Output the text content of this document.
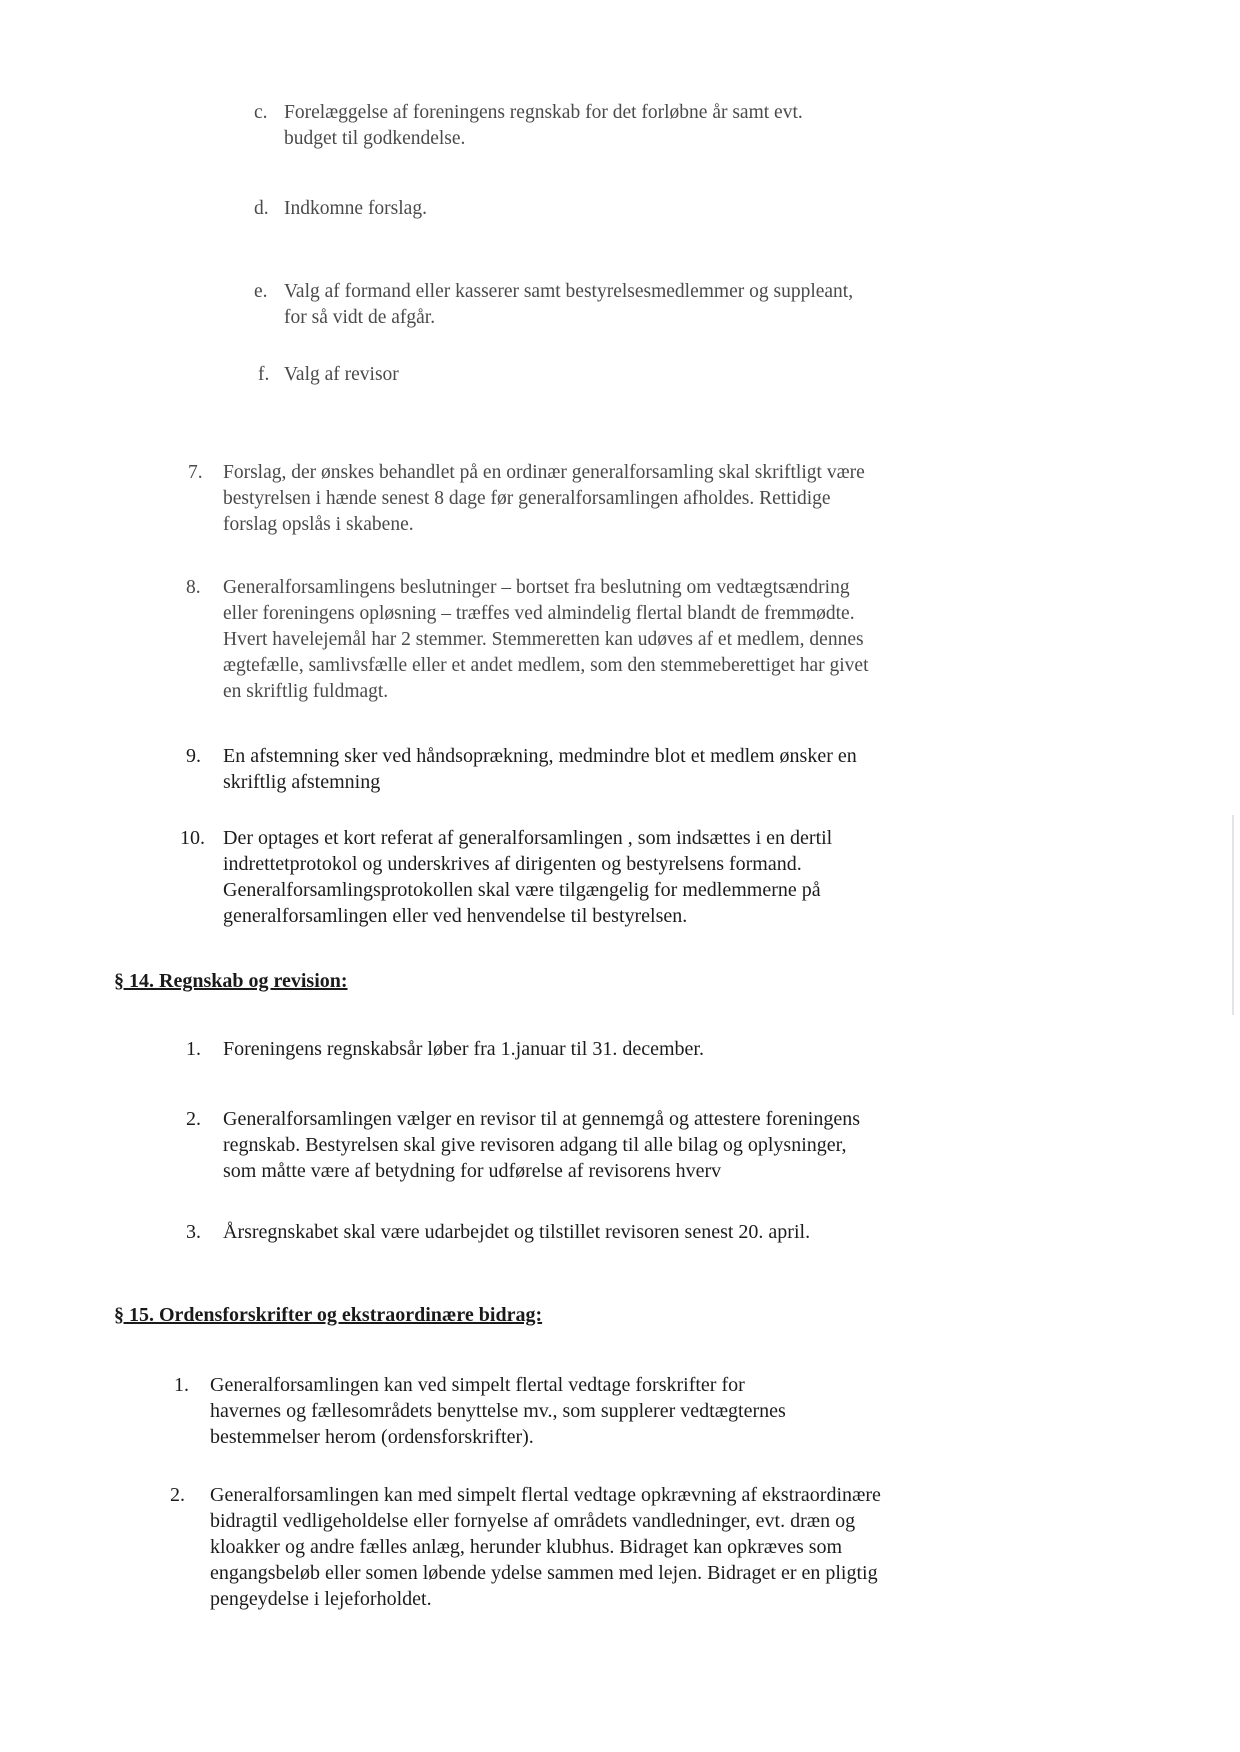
c. Forelæggelse af foreningens regnskab for det forløbne år samt evt.
budget til godkendelse.
d. Indkomne forslag.
e. Valg af formand eller kasserer samt bestyrelsesmedlemmer og suppleant,
for så vidt de afgår.
f. Valg af revisor
7. Forslag, der ønskes behandlet på en ordinær generalforsamling skal skriftligt være
bestyrelsen i hænde senest 8 dage før generalforsamlingen afholdes. Rettidige
forslag opslås i skabene.
8. Generalforsamlingens beslutninger – bortset fra beslutning om vedtægtsændring
eller foreningens opløsning – træffes ved almindelig flertal blandt de fremmødte.
Hvert havelejemål har 2 stemmer. Stemmeretten kan udøves af et medlem, dennes
ægtefælle, samlivsfælle eller et andet medlem, som den stemmeberettiget har givet
en skriftlig fuldmagt.
9. En afstemning sker ved håndsoprækning, medmindre blot et medlem ønsker en
skriftlig afstemning
10. Der optages et kort referat af generalforsamlingen , som indsættes i en dertil
indrettetprotokol og underskrives af dirigenten og bestyrelsens formand.
Generalforsamlingsprotokollen skal være tilgængelig for medlemmerne på
generalforsamlingen eller ved henvendelse til bestyrelsen.
§ 14. Regnskab og revision:
1. Foreningens regnskabsår løber fra 1.januar til 31. december.
2. Generalforsamlingen vælger en revisor til at gennemgå og attestere foreningens
regnskab. Bestyrelsen skal give revisoren adgang til alle bilag og oplysninger,
som måtte være af betydning for udførelse af revisorens hverv
3. Årsregnskabet skal være udarbejdet og tilstillet revisoren senest 20. april.
§ 15. Ordensforskrifter og ekstraordinære bidrag:
1. Generalforsamlingen kan ved simpelt flertal vedtage forskrifter for
havernes og fællesområdets benyttelse mv., som supplerer vedtægternes
bestemmelser herom (ordensforskrifter).
2. Generalforsamlingen kan med simpelt flertal vedtage opkrævning af ekstraordinære
bidragtil vedligeholdelse eller fornyelse af områdets vandledninger, evt. dræn og
kloakker og andre fælles anlæg, herunder klubhus. Bidraget kan opkræves som
engangsbeløb eller somen løbende ydelse sammen med lejen. Bidraget er en pligtig
pengeydelse i lejeforholdet.
